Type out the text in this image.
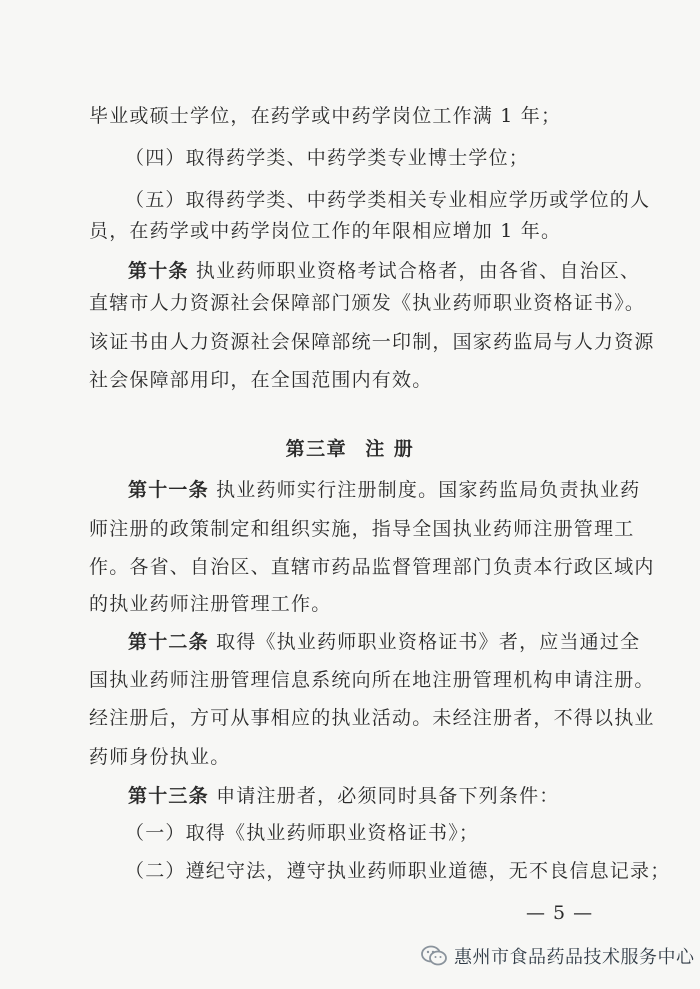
毕业或硕士学位，在药学或中药学岗位工作满 1 年；
（四）取得药学类、中药学类专业博士学位；
（五）取得药学类、中药学类相关专业相应学历或学位的人
员，在药学或中药学岗位工作的年限相应增加 1 年。
第十条 执业药师职业资格考试合格者，由各省、自治区、
直辖市人力资源社会保障部门颁发《执业药师职业资格证书》。
该证书由人力资源社会保障部统一印制，国家药监局与人力资源
社会保障部用印，在全国范围内有效。
第三章 注 册
第十一条 执业药师实行注册制度。国家药监局负责执业药
师注册的政策制定和组织实施，指导全国执业药师注册管理工
作。各省、自治区、直辖市药品监督管理部门负责本行政区域内
的执业药师注册管理工作。
第十二条 取得《执业药师职业资格证书》者，应当通过全
国执业药师注册管理信息系统向所在地注册管理机构申请注册。
经注册后，方可从事相应的执业活动。未经注册者，不得以执业
药师身份执业。
第十三条 申请注册者，必须同时具备下列条件：
（一）取得《执业药师职业资格证书》；
（二）遵纪守法，遵守执业药师职业道德，无不良信息记录；
— 5 —
惠州市食品药品技术服务中心
